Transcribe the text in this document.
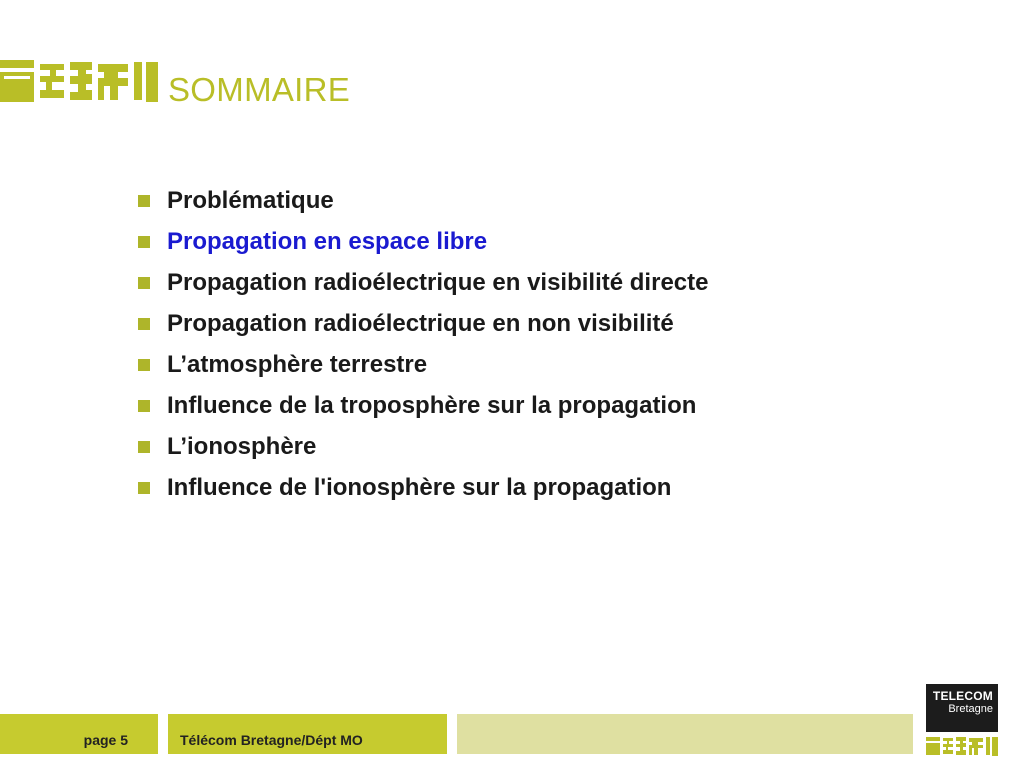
SOMMAIRE
Problématique
Propagation en espace libre
Propagation radioélectrique en visibilité directe
Propagation radioélectrique en non visibilité
L’atmosphère terrestre
Influence de la troposphère sur la propagation
L’ionosphère
Influence de l'ionosphère sur la propagation
page 5	Télécom Bretagne/Dépt MO
TELECOM
Bretagne
